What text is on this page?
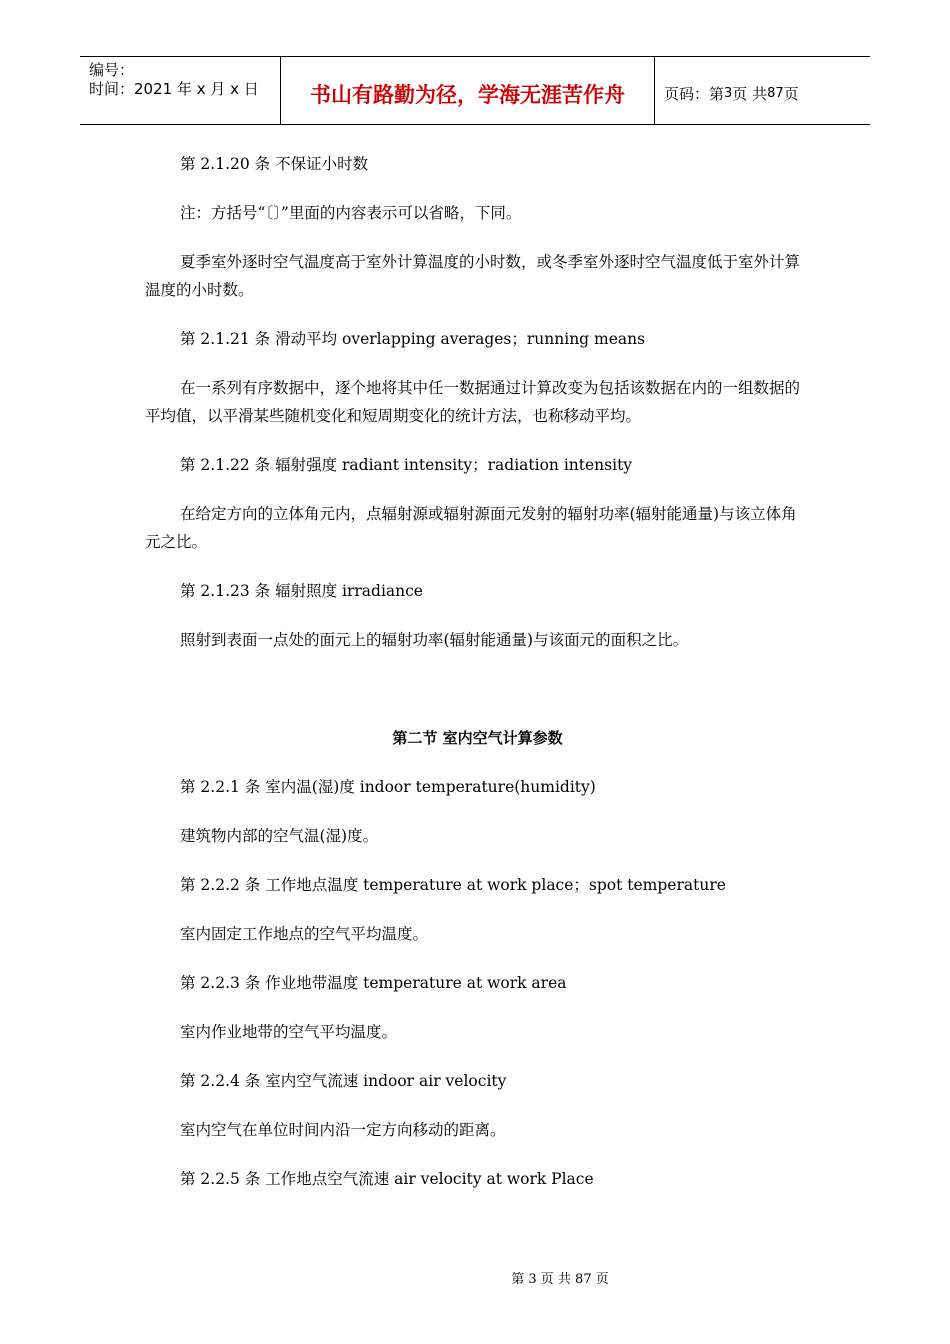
编号：
时间：2021 年 x 月 x 日	书山有路勤为径，学海无涯苦作舟	页码：第 3 页 共 87 页

第 2.1.20 条 不保证小时数

注：方括号“〔〕”里面的内容表示可以省略，下同。

夏季室外逐时空气温度高于室外计算温度的小时数，或冬季室外逐时空气温度低于室外计算温度的小时数。

第 2.1.21 条 滑动平均 overlapping averages；running means

在一系列有序数据中，逐个地将其中任一数据通过计算改变为包括该数据在内的一组数据的平均值，以平滑某些随机变化和短周期变化的统计方法，也称移动平均。

第 2.1.22 条 辐射强度 radiant intensity；radiation intensity

在给定方向的立体角元内，点辐射源或辐射源面元发射的辐射功率(辐射能通量)与该立体角元之比。

第 2.1.23 条 辐射照度 irradiance

照射到表面一点处的面元上的辐射功率(辐射能通量)与该面元的面积之比。

第二节 室内空气计算参数

第 2.2.1 条 室内温(湿)度 indoor temperature(humidity)

建筑物内部的空气温(湿)度。

第 2.2.2 条 工作地点温度 temperature at work place；spot temperature

室内固定工作地点的空气平均温度。

第 2.2.3 条 作业地带温度 temperature at work area

室内作业地带的空气平均温度。

第 2.2.4 条 室内空气流速 indoor air velocity

室内空气在单位时间内沿一定方向移动的距离。

第 2.2.5 条 工作地点空气流速 air velocity at work Place

第 3 页 共 87 页
